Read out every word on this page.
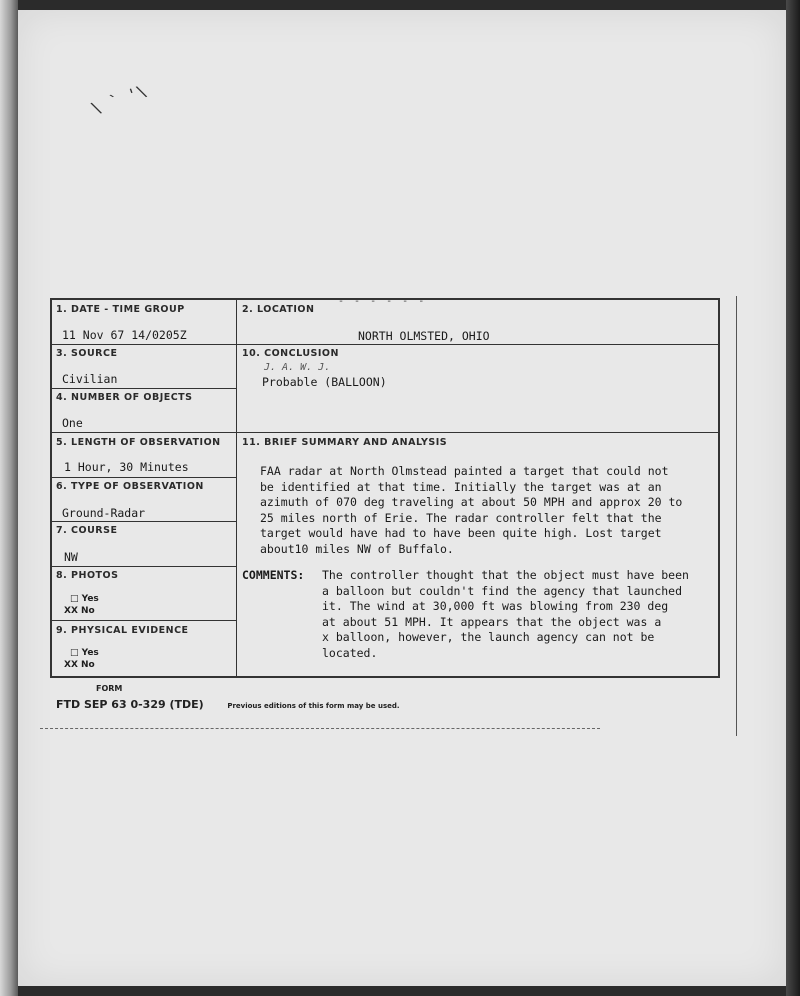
\ ` '\
- - - - - -
1. DATE - TIME GROUP
11 Nov 67 14/0205Z
2. LOCATION
NORTH OLMSTED, OHIO
3. SOURCE
Civilian
10. CONCLUSION
J. A. W. J.
Probable (BALLOON)
4. NUMBER OF OBJECTS
One
5. LENGTH OF OBSERVATION
1 Hour, 30 Minutes
11. BRIEF SUMMARY AND ANALYSIS
FAA radar at North Olmstead painted a target that could not
be identified at that time. Initially the target was at an
azimuth of 070 deg traveling at about 50 MPH and approx 20 to
25 miles north of Erie. The radar controller felt that the
target would have had to have been quite high. Lost target
about10 miles NW of Buffalo.
6. TYPE OF OBSERVATION
Ground-Radar
7. COURSE
NW
8. PHOTOS
□ Yes
XX No
COMMENTS: The controller thought that the object must have been
a balloon but couldn't find the agency that launched
it. The wind at 30,000 ft was blowing from 230 deg
at about 51 MPH. It appears that the object was a
x balloon, however, the launch agency can not be
located.
9. PHYSICAL EVIDENCE
□ Yes
XX No
FORM
FTD SEP 63 0-329 (TDE)	Previous editions of this form may be used.
